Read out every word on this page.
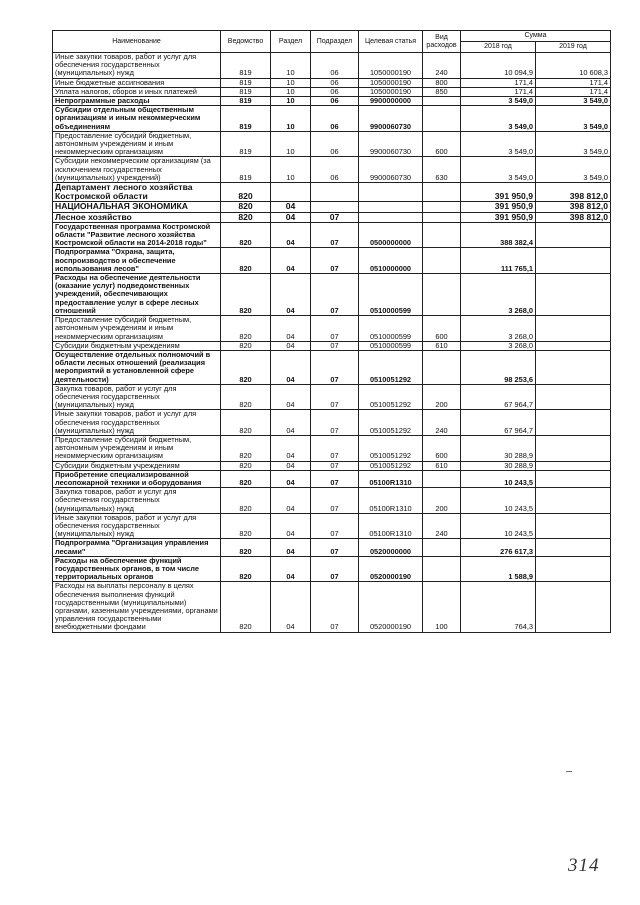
Наименование	Ведомство	Раздел	Подраздел	Целевая статья	Вид расходов	Сумма	
						2018 год	2019 год
Иные закупки товаров, работ и услуг для обеспечения государственных (муниципальных) нужд	819	10	06	1050000190	240	10 094,9	10 608,3
Иные бюджетные ассигнования	819	10	06	1050000190	800	171,4	171,4
Уплата налогов, сборов и иных платежей	819	10	06	1050000190	850	171,4	171,4
Непрограммные расходы	819	10	06	9900000000		3 549,0	3 549,0
Субсидии отдельным общественным организациям и иным некоммерческим объединениям	819	10	06	9900060730		3 549,0	3 549,0
Предоставление субсидий бюджетным, автономным учреждениям и иным некоммерческим организациям	819	10	06	9900060730	600	3 549,0	3 549,0
Субсидии некоммерческим организациям (за исключением государственных (муниципальных) учреждений)	819	10	06	9900060730	630	3 549,0	3 549,0
Департамент лесного хозяйства Костромской области	820					391 950,9	398 812,0
НАЦИОНАЛЬНАЯ ЭКОНОМИКА	820	04				391 950,9	398 812,0
Лесное хозяйство	820	04	07			391 950,9	398 812,0
Государственная программа Костромской области "Развитие лесного хозяйства Костромской области на 2014-2018 годы"	820	04	07	0500000000		388 382,4	
Подпрограмма "Охрана, защита, воспроизводство и обеспечение использования лесов"	820	04	07	0510000000		111 765,1	
Расходы на обеспечение деятельности (оказание услуг) подведомственных учреждений, обеспечивающих предоставление услуг в сфере лесных отношений	820	04	07	0510000599		3 268,0	
Предоставление субсидий бюджетным, автономным учреждениям и иным некоммерческим организациям	820	04	07	0510000599	600	3 268,0	
Субсидии бюджетным учреждениям	820	04	07	0510000599	610	3 268,0	
Осуществление отдельных полномочий в области лесных отношений (реализация мероприятий в установленной сфере деятельности)	820	04	07	0510051292		98 253,6	
Закупка товаров, работ и услуг для обеспечения государственных (муниципальных) нужд	820	04	07	0510051292	200	67 964,7	
Иные закупки товаров, работ и услуг для обеспечения государственных (муниципальных) нужд	820	04	07	0510051292	240	67 964,7	
Предоставление субсидий бюджетным, автономным учреждениям и иным некоммерческим организациям	820	04	07	0510051292	600	30 288,9	
Субсидии бюджетным учреждениям	820	04	07	0510051292	610	30 288,9	
Приобретение специализированной лесопожарной техники и оборудования	820	04	07	05100R1310		10 243,5	
Закупка товаров, работ и услуг для обеспечения государственных (муниципальных) нужд	820	04	07	05100R1310	200	10 243,5	
Иные закупки товаров, работ и услуг для обеспечения государственных (муниципальных) нужд	820	04	07	05100R1310	240	10 243,5	
Подпрограмма "Организация управления лесами"	820	04	07	0520000000		276 617,3	
Расходы на обеспечение функций государственных органов, в том числе территориальных органов	820	04	07	0520000190		1 588,9	
Расходы на выплаты персоналу в целях обеспечения выполнения функций государственными (муниципальными) органами, казенными учреждениями, органами управления государственными внебюджетными фондами	820	04	07	0520000190	100	764,3	
314
